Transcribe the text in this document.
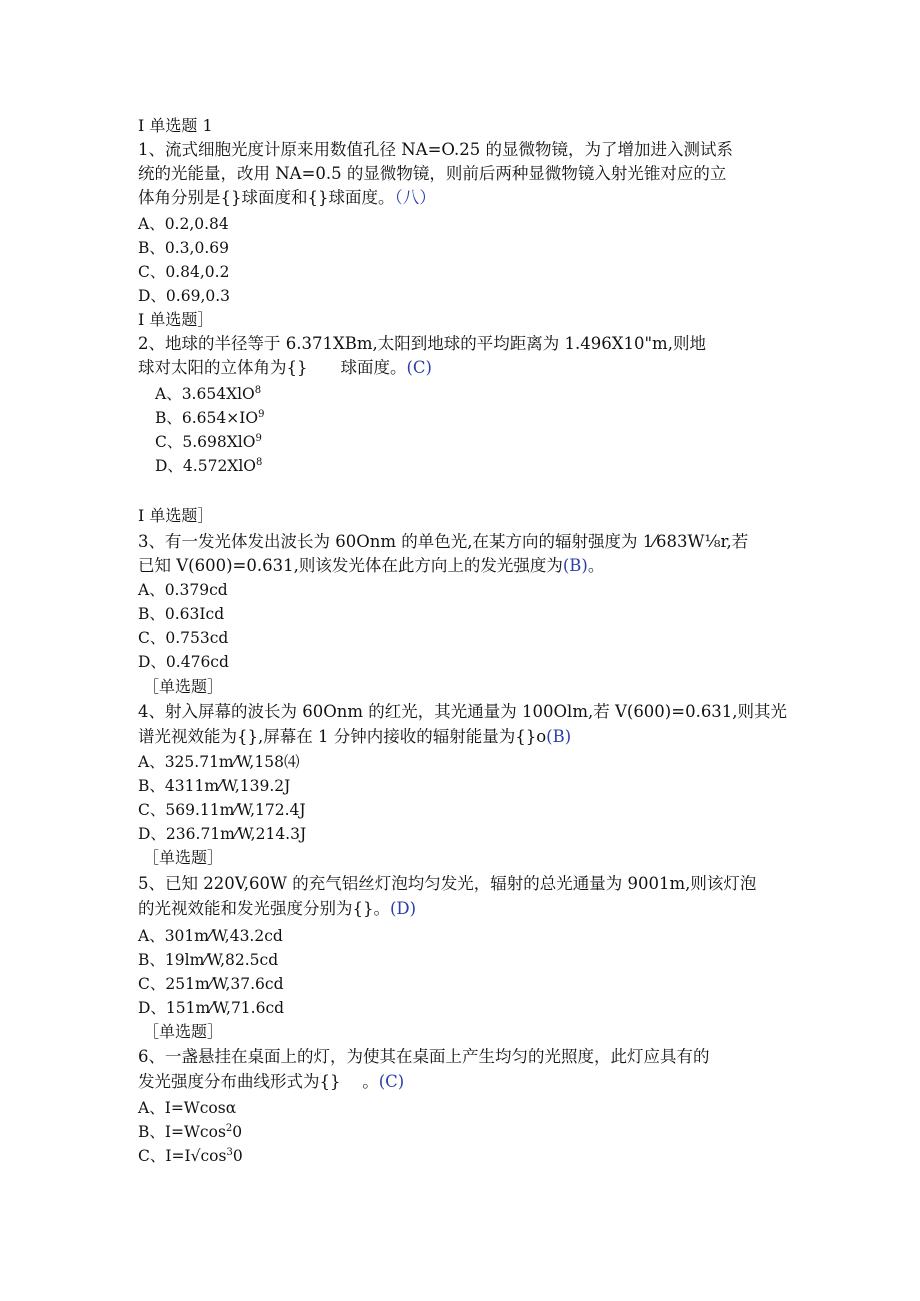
I 单选题 1
1、流式细胞光度计原来用数值孔径 NA=O.25 的显微物镜，为了增加进入测试系
统的光能量，改用 NA=0.5 的显微物镜，则前后两种显微物镜入射光锥对应的立
体角分别是{}球面度和{}球面度。（八）
A、0.2,0.84
B、0.3,0.69
C、0.84,0.2
D、0.69,0.3
I 单选题］
2、地球的半径等于 6.371XBm,太阳到地球的平均距离为 1.496X10"m,则地
球对太阳的立体角为{}　　球面度。(C)
A、3.654XlO$^8$
B、$6.654\times IO^9$
C、5.698XlO$^9$
D、4.572XlO$^8$
I 单选题］
3、有一发光体发出波长为 60Onm 的单色光,在某方向的辐射强度为 1⁄683W⅛r,若
已知 V(600)=0.631,则该发光体在此方向上的发光强度为(B)。
A、0.379cd
B、0.63Icd
C、0.753cd
D、0.476cd
［单选题］
4、射入屏幕的波长为 60Onm 的红光，其光通量为 100Olm,若 V(600)=0.631,则其光
谱光视效能为{},屏幕在 1 分钟内接收的辐射能量为{}o(B)
A、325.71m⁄W,158⑷
B、4311m⁄W,139.2J
C、569.11m⁄W,172.4J
D、236.71m⁄W,214.3J
［单选题］
5、已知 220V,60W 的充气铝丝灯泡均匀发光，辐射的总光通量为 9001m,则该灯泡
的光视效能和发光强度分别为{}。(D)
A、301m⁄W,43.2cd
B、19lm⁄W,82.5cd
C、251m⁄W,37.6cd
D、151m⁄W,71.6cd
［单选题］
6、一盏悬挂在桌面上的灯，为使其在桌面上产生均匀的光照度，此灯应具有的
发光强度分布曲线形式为{}　 。(C)
A、I=Wcosα
B、I=Wcos$^2$0
C、$I=I√\cos^30$
